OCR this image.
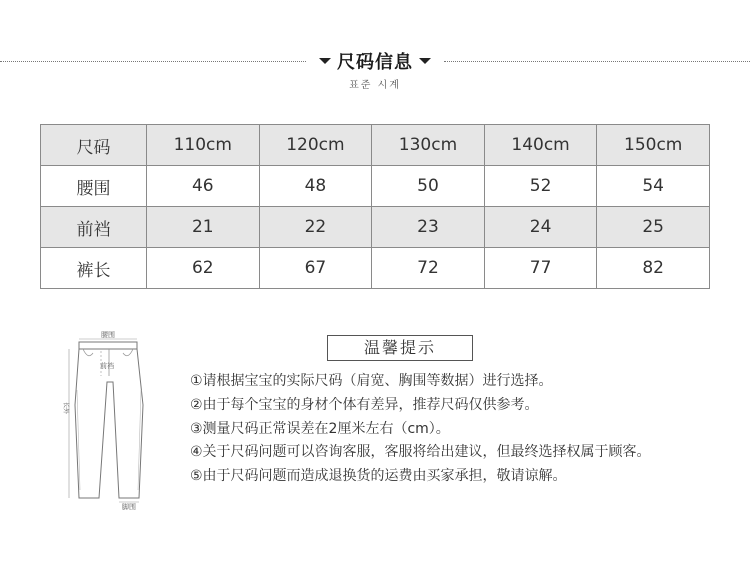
尺码信息
표준 시계
尺码	110cm	120cm	130cm	140cm	150cm
腰围	46	48	50	52	54
前裆	21	22	23	24	25
裤长	62	67	72	77	82
腰围
前裆
长外
脚围
温馨提示
①请根据宝宝的实际尺码（肩宽、胸围等数据）进行选择。
②由于每个宝宝的身材个体有差异，推荐尺码仅供参考。
③测量尺码正常误差在2厘米左右（cm）。
④关于尺码问题可以咨询客服，客服将给出建议，但最终选择权属于顾客。
⑤由于尺码问题而造成退换货的运费由买家承担，敬请谅解。
